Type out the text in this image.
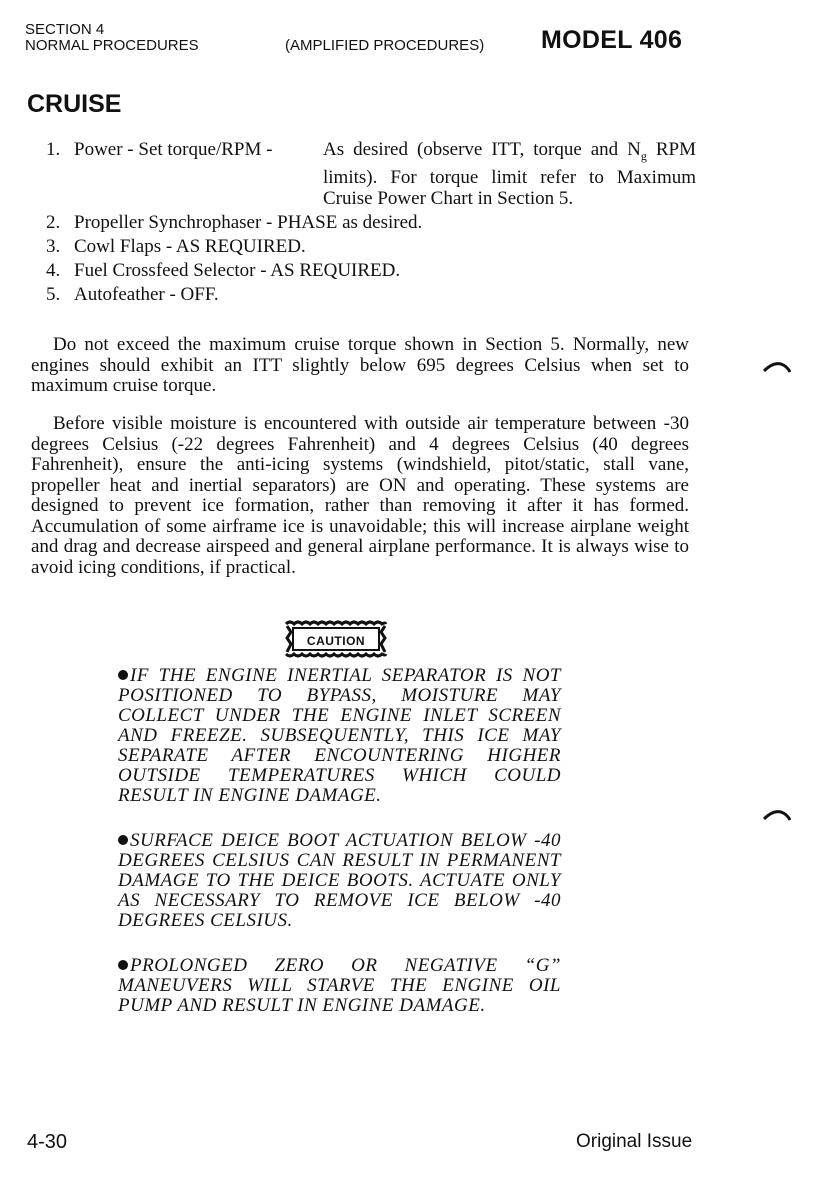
SECTION 4
NORMAL PROCEDURES	(AMPLIFIED PROCEDURES) MODEL 406
CRUISE
1. Power - Set torque/RPM -	As desired (observe ITT, torque and $N_g$ RPM limits). For torque limit refer to Maximum Cruise Power Chart in Section 5.
2. Propeller Synchrophaser - PHASE as desired.
3. Cowl Flaps - AS REQUIRED.
4. Fuel Crossfeed Selector - AS REQUIRED.
5. Autofeather - OFF.

Do not exceed the maximum cruise torque shown in Section 5. Normally, new engines should exhibit an ITT slightly below 695 degrees Celsius when set to maximum cruise torque.

Before visible moisture is encountered with outside air temperature between -30 degrees Celsius (-22 degrees Fahrenheit) and 4 degrees Celsius (40 degrees Fahrenheit), ensure the anti-icing systems (windshield, pitot/static, stall vane, propeller heat and inertial separators) are ON and operating. These systems are designed to prevent ice formation, rather than removing it after it has formed. Accumulation of some airframe ice is unavoidable; this will increase airplane weight and drag and decrease airspeed and general airplane performance. It is always wise to avoid icing conditions, if practical.

CAUTION

IF THE ENGINE INERTIAL SEPARATOR IS NOT POSITIONED TO BYPASS, MOISTURE MAY COLLECT UNDER THE ENGINE INLET SCREEN AND FREEZE. SUBSEQUENTLY, THIS ICE MAY SEPARATE AFTER ENCOUNTERING HIGHER OUTSIDE TEMPERATURES WHICH COULD RESULT IN ENGINE DAMAGE.

SURFACE DEICE BOOT ACTUATION BELOW -40 DEGREES CELSIUS CAN RESULT IN PERMANENT DAMAGE TO THE DEICE BOOTS. ACTUATE ONLY AS NECESSARY TO REMOVE ICE BELOW -40 DEGREES CELSIUS.

PROLONGED ZERO OR NEGATIVE “G” MANEUVERS WILL STARVE THE ENGINE OIL PUMP AND RESULT IN ENGINE DAMAGE.

4-30	Original Issue
